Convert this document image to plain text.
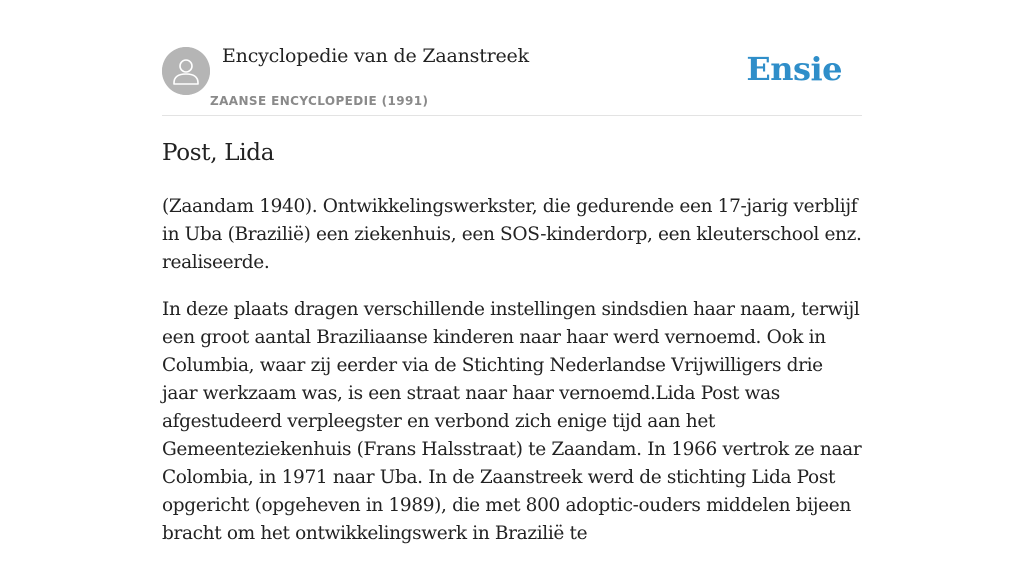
Encyclopedie van de Zaanstreek
ZAANSE ENCYCLOPEDIE (1991)
Ensie
Post, Lida

(Zaandam 1940). Ontwikkelingswerkster, die gedurende een 17-jarig verblijf in Uba (Brazilië) een ziekenhuis, een SOS-kinderdorp, een kleuterschool enz. realiseerde.

In deze plaats dragen verschillende instellingen sindsdien haar naam, terwijl een groot aantal Braziliaanse kinderen naar haar werd vernoemd. Ook in Columbia, waar zij eerder via de Stichting Nederlandse Vrijwilligers drie jaar werkzaam was, is een straat naar haar vernoemd.Lida Post was afgestudeerd verpleegster en verbond zich enige tijd aan het Gemeenteziekenhuis (Frans Halsstraat) te Zaandam. In 1966 vertrok ze naar Colombia, in 1971 naar Uba. In de Zaanstreek werd de stichting Lida Post opgericht (opgeheven in 1989), die met 800 adoptic-ouders middelen bijeen bracht om het ontwikkelingswerk in Brazilië te
